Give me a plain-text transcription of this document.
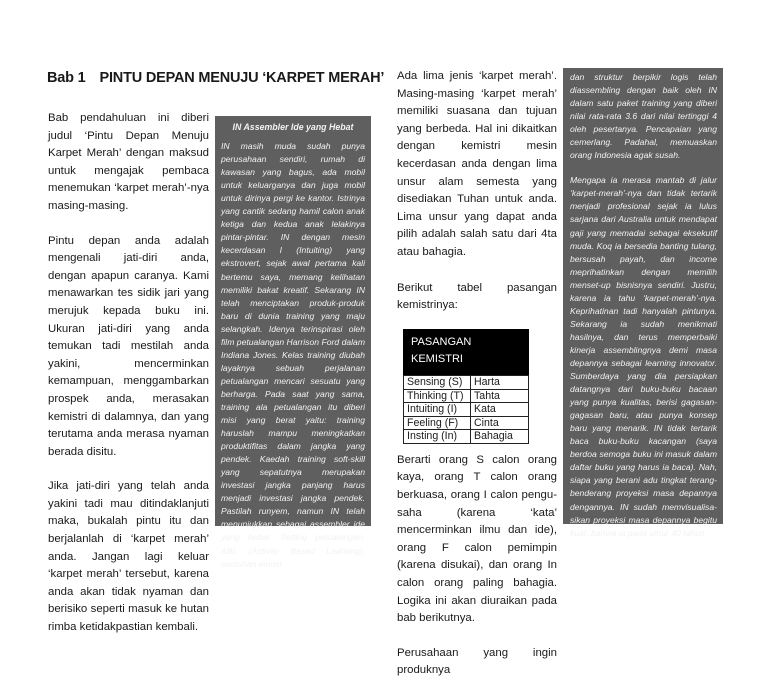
Bab 1 PINTU DEPAN MENUJU ‘KARPET MERAH’

Bab pendahuluan ini diberi judul ‘Pintu Depan Menuju Karpet Merah’ dengan maksud untuk mengajak pembaca menemukan ‘karpet merah’-nya masing-masing.

Pintu depan anda adalah mengenali jati-diri anda, dengan apapun caranya. Kami menawarkan tes sidik jari yang merujuk kepada buku ini. Ukuran jati-diri yang anda temukan tadi mestilah anda yakini, mencerminkan kemampuan, menggambarkan prospek anda, merasakan kemistri di dalamnya, dan yang terutama anda merasa nyaman berada disitu.

Jika jati-diri yang telah anda yakini tadi mau ditindaklanjuti maka, bukalah pintu itu dan berjalanlah di ‘karpet merah’ anda. Jangan lagi keluar ‘karpet merah’ tersebut, karena anda akan tidak nyaman dan berisiko seperti masuk ke hutan rimba ketidakpastian kembali.

IN Assembler Ide yang Hebat

IN masih muda sudah punya perusahaan sendiri, rumah di kawasan yang bagus, ada mobil untuk keluarganya dan juga mobil untuk dirinya pergi ke kantor. Istrinya yang cantik sedang hamil calon anak ketiga dan kedua anak lelakinya pintar-pintar. IN dengan mesin kecerdasan I (Intuiting) yang ekstrovert, sejak awal pertama kali bertemu saya, memang kelihatan memiliki bakat kreatif. Sekarang IN telah menciptakan produk-produk baru di dunia training yang maju selangkah. Idenya terinspirasi oleh film petualangan Harrison Ford dalam Indiana Jones. Kelas training diubah layaknya sebuah perjalanan petualangan mencari sesuatu yang berharga. Pada saat yang sama, training ala petualangan itu diberi misi yang berat yaitu: training haruslah mampu meningkatkan produktifitas dalam jangka yang pendek. Kaedah training soft-skill yang sepatutnya merupakan investasi jangka panjang harus menjadi investasi jangka pendek. Pastilah runyem, namun IN telah menunjukkan sebagai assembler ide yang hebat. Setting petualangan, ABL (Activity Based Learning), sentuhan emosi

Ada lima jenis ‘karpet merah’. Masing-masing ‘karpet merah’ memiliki suasana dan tujuan yang berbeda. Hal ini dikaitkan dengan kemistri mesin kecerdasan anda dengan lima unsur alam semesta yang disediakan Tuhan untuk anda. Lima unsur yang dapat anda pilih adalah salah satu dari 4ta atau bahagia.

Berikut tabel pasangan kemistrinya:

PASANGAN KEMISTRI
Sensing (S)	Harta
Thinking (T)	Tahta
Intuiting (I)	Kata
Feeling (F)	Cinta
Insting (In)	Bahagia

Berarti orang S calon orang kaya, orang T calon orang berkuasa, orang I calon pengu- saha (karena ‘kata’ mencerminkan ilmu dan ide), orang F calon pemimpin (karena disukai), dan orang In calon orang paling bahagia. Logika ini akan diuraikan pada bab berikutnya.

Perusahaan yang ingin produknya

dan struktur berpikir logis telah diassembling dengan baik oleh IN dalam satu paket training yang diberi nilai rata-rata 3.6 dari nilai tertinggi 4 oleh pesertanya. Pencapaian yang cemerlang. Padahal, memuaskan orang Indonesia agak susah.

Mengapa ia merasa mantab di jalur ‘karpet-merah’-nya dan tidak tertarik menjadi profesional sejak ia lulus sarjana dari Australia untuk mendapat gaji yang memadai sebagai eksekutif muda. Koq ia bersedia banting tulang, bersusah payah, dan income meprihatinkan dengan memilih menset-up bisnisnya sendiri. Justru, karena ia tahu ‘karpet-merah’-nya. Keprihatinan tadi hanyalah pintunya. Sekarang ia sudah menikmati hasilnya, dan terus memperbaiki kinerja assemblingnya demi masa depannya sebagai learning innovator. Sumberdaya yang dia persiapkan datangnya dari buku-buku bacaan yang punya kualitas, berisi gagasan-gagasan baru, atau punya konsep baru yang menarik. IN tidak tertarik baca buku-buku kacangan (saya berdoa semoga buku ini masuk dalam daftar buku yang harus ia baca). Nah, siapa yang berani adu tingkat terang-benderang proyeksi masa depannya dengannya. IN sudah memvisualisa-sikan proyeksi masa depannya begitu kuat, bahwa ia pada umur 40 tahun
